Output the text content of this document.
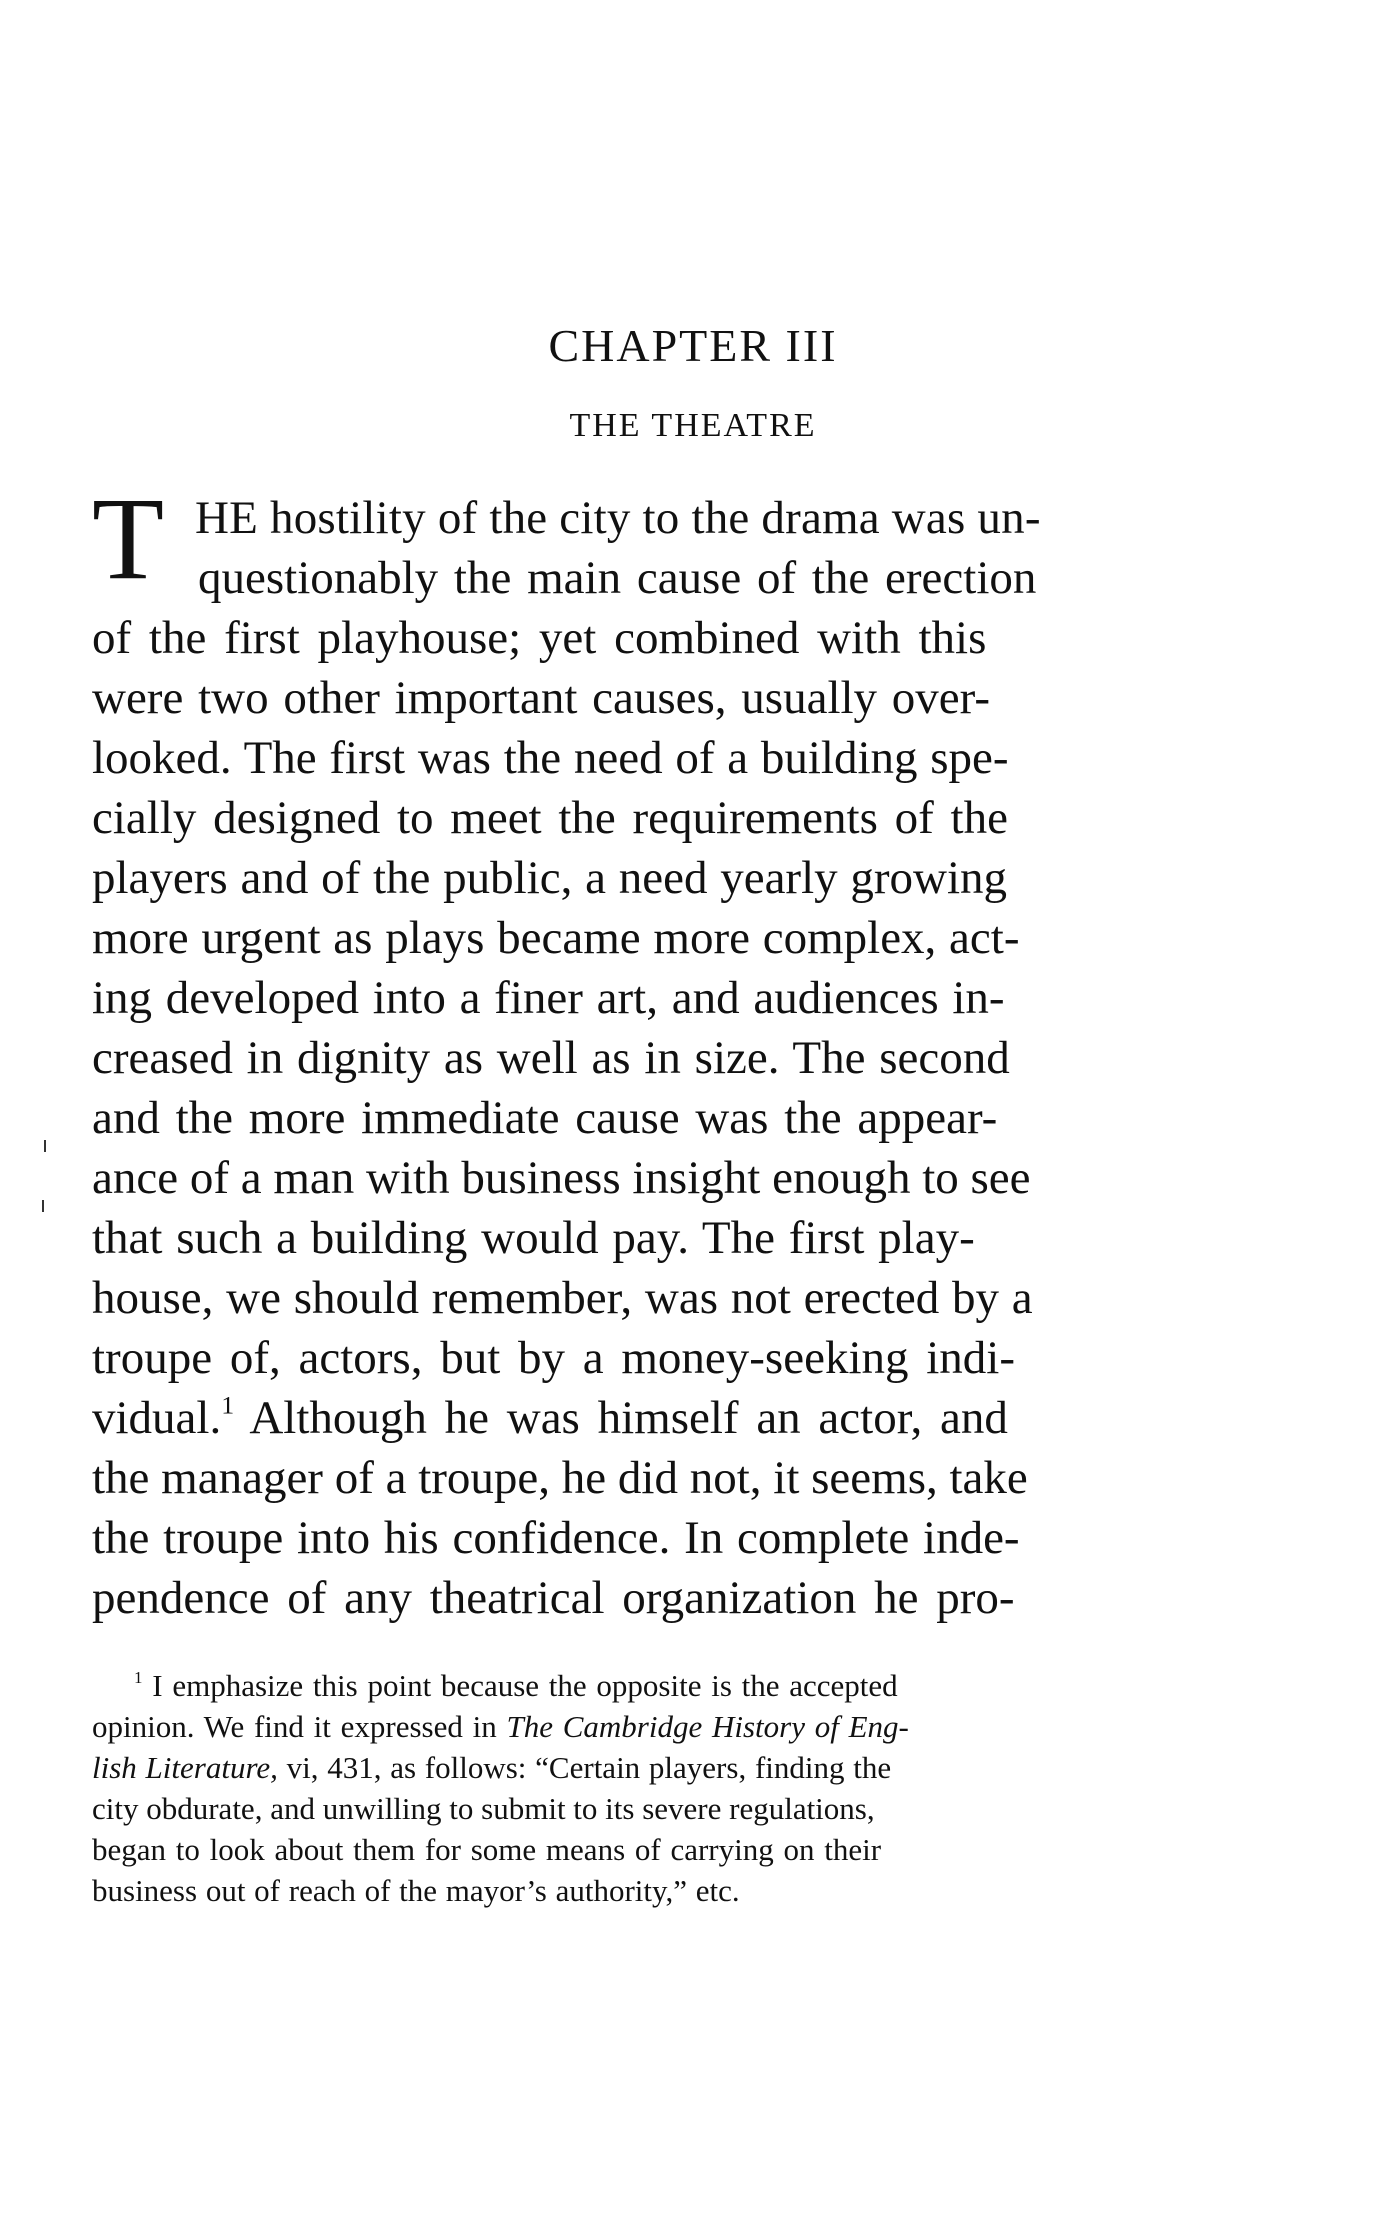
CHAPTER III
THE THEATRE
T HE hostility of the city to the drama was un-
questionably the main cause of the erection
of the first playhouse; yet combined with this
were two other important causes, usually over-
looked. The first was the need of a building spe-
cially designed to meet the requirements of the
players and of the public, a need yearly growing
more urgent as plays became more complex, act-
ing developed into a finer art, and audiences in-
creased in dignity as well as in size. The second
and the more immediate cause was the appear-
ance of a man with business insight enough to see
that such a building would pay. The first play-
house, we should remember, was not erected by a
troupe of, actors, but by a money-seeking indi-
vidual.$^1$ Although he was himself an actor, and
the manager of a troupe, he did not, it seems, take
the troupe into his confidence. In complete inde-
pendence of any theatrical organization he pro-
$^1$ I emphasize this point because the opposite is the accepted
opinion. We find it expressed in The Cambridge History of Eng-
lish Literature, vi, 431, as follows: “Certain players, finding the
city obdurate, and unwilling to submit to its severe regulations,
began to look about them for some means of carrying on their
business out of reach of the mayor’s authority,” etc.
